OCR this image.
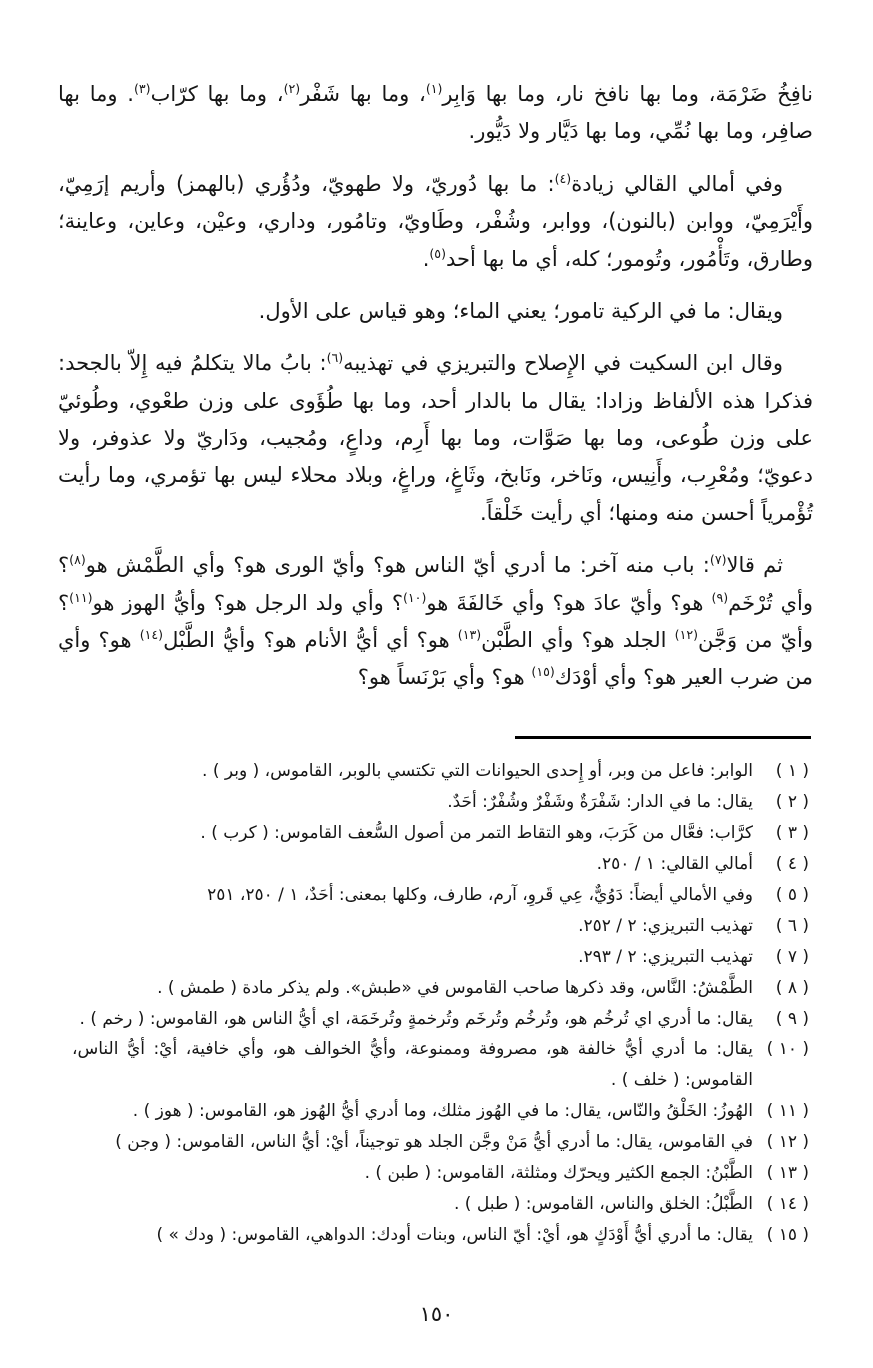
نافِخُ ضَرْمَة، وما بها نافخ نار، وما بها وَابِر$^{(١)}$، وما بها شَفْر$^{(٢)}$، وما بها كرّاب$^{(٣)}$. وما بها صافِر، وما بها نُمِّي، وما بها دَيَّار ولا دَيُّور.

وفي أمالي القالي زيادة$^{(٤)}$: ما بها دُوريّ، ولا طهويّ، ودُؤُري (بالهمز) وأريم إرَمِيّ، وأَيْرَمِيّ، ووابن (بالنون)، ووابر، وشُفْر، وطَاويّ، وتامُور، وداري، وعيْن، وعاين، وعاينة؛ وطارق، وتَأْمُور، وتُومور؛ كله، أي ما بها أحد$^{(٥)}$.

ويقال: ما في الركية تامور؛ يعني الماء؛ وهو قياس على الأول.

وقال ابن السكيت في الإِصلاح والتبريزي في تهذيبه$^{(٦)}$: بابُ مالا يتكلمُ فيه إِلاّ بالجحد: فذكرا هذه الألفاظ وزادا: يقال ما بالدار أحد، وما بها طُؤَوى على وزن طعْوي، وطُوئيّ على وزن طُوعى، وما بها صَوَّات، وما بها أَرِم، وداعٍ، ومُجيب، ودَاريّ ولا عذوفر، ولا دعويّ؛ ومُعْرِب، وأَنِيس، ونَاخر، ونَابخ، وثَاغٍ، وراغٍ، وبلاد محلاء ليس بها تؤمري، وما رأيت تُؤْمرياً أحسن منه ومنها؛ أي رأيت خَلْقاً.

ثم قالا$^{(٧)}$: باب منه آخر: ما أدري أيّ الناس هو؟ وأيّ الورى هو؟ وأي الطَّمْش هو$^{(٨)}$؟ وأي تُرْخَم$^{(٩)}$ هو؟ وأيّ عادَ هو؟ وأي خَالفَةَ هو$^{(١٠)}$؟ وأي ولد الرجل هو؟ وأيُّ الهوز هو$^{(١١)}$؟ وأيّ من وَجَّن$^{(١٢)}$ الجلد هو؟ وأي الطَّبْن$^{(١٣)}$ هو؟ أي أيُّ الأنام هو؟ وأيُّ الطَّبْل$^{(١٤)}$ هو؟ وأي من ضرب العير هو؟ وأي أوْدَك$^{(١٥)}$ هو؟ وأي بَرْنَساً هو؟

( ١ )
الوابر: فاعل من وبر، أو إِحدى الحيوانات التي تكتسي بالوبر، القاموس، ( وبر ) .
( ٢ )
يقال: ما في الدار: شَفْرَةٌ وشَفْرٌ وشُفْرٌ: أحَدٌ.
( ٣ )
كرَّاب: فعَّال من كَرَبَ، وهو التقاط التمر من أصول السُّعف القاموس: ( كرب ) .
( ٤ )
أمالي القالي: ١ / ٢٥٠.
( ٥ )
وفي الأمالي أيضاً: دَوُيٌّ، عِي قَروِ، آرم، طارف، وكلها بمعنى: أحَدٌ، ١ / ٢٥٠، ٢٥١
( ٦ )
تهذيب التبريزي: ٢ / ٢٥٢.
( ٧ )
تهذيب التبريزي: ٢ / ٢٩٣.
( ٨ )
الطَّمْشُ: النَّاس، وقد ذكرها صاحب القاموس في «طبش». ولم يذكر مادة ( طمش ) .
( ٩ )
يقال: ما أدري اي تُرخُم هو، وتُرخُم وتُرخَم وتُرخمةٍ وتُرخَمَة، اي أيُّ الناس هو، القاموس: ( رخم ) .
( ١٠ )
يقال: ما أدري أيُّ خالفة هو، مصروفة وممنوعة، وأيُّ الخوالف هو، وأي خافية، أيْ: أيُّ الناس، القاموس: ( خلف ) .
( ١١ )
الهُوزُ: الخَلْقُ والنّاس، يقال: ما في الهُوز مثلك، وما أدري أيُّ الهُوز هو، القاموس: ( هوز ) .
( ١٢ )
في القاموس، يقال: ما أدري أيُّ مَنْ وجَّن الجلد هو توجيناً، أيْ: أيُّ الناس، القاموس: ( وجن )
( ١٣ )
الطَّبْنُ: الجمع الكثير ويحرّك ومثلثة، القاموس: ( طبن ) .
( ١٤ )
الطَّبْلُ: الخلق والناس، القاموس: ( طبل ) .
( ١٥ )
يقال: ما أدري أيُّ أَوْدَكٍ هو، أيْ: أيّ الناس، وبنات أودك: الدواهي، القاموس: ( ودك » )
١٥٠
